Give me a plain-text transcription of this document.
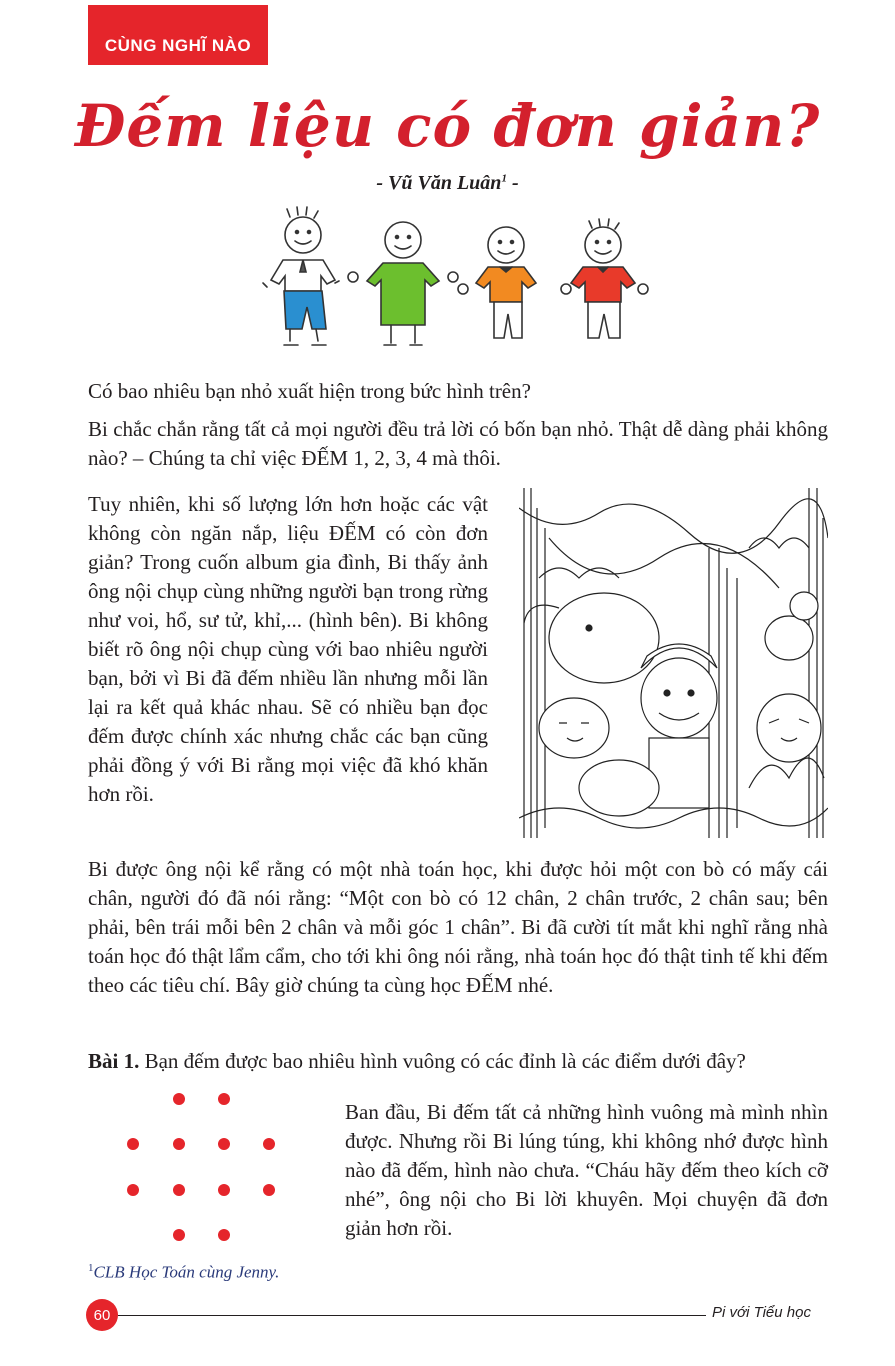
CÙNG NGHĨ NÀO
Đếm liệu có đơn giản?
- Vũ Văn Luân$^1$ -

Có bao nhiêu bạn nhỏ xuất hiện trong bức hình trên?

Bi chắc chắn rằng tất cả mọi người đều trả lời có bốn bạn nhỏ. Thật dễ dàng phải không nào? – Chúng ta chỉ việc ĐẾM 1, 2, 3, 4 mà thôi.

Tuy nhiên, khi số lượng lớn hơn hoặc các vật không còn ngăn nắp, liệu ĐẾM có còn đơn giản? Trong cuốn album gia đình, Bi thấy ảnh ông nội chụp cùng những người bạn trong rừng như voi, hổ, sư tử, khỉ,... (hình bên). Bi không biết rõ ông nội chụp cùng với bao nhiêu người bạn, bởi vì Bi đã đếm nhiều lần nhưng mỗi lần lại ra kết quả khác nhau. Sẽ có nhiều bạn đọc đếm được chính xác nhưng chắc các bạn cũng phải đồng ý với Bi rằng mọi việc đã khó khăn hơn rồi.

Bi được ông nội kể rằng có một nhà toán học, khi được hỏi một con bò có mấy cái chân, người đó đã nói rằng: “Một con bò có 12 chân, 2 chân trước, 2 chân sau; bên phải, bên trái mỗi bên 2 chân và mỗi góc 1 chân”. Bi đã cười tít mắt khi nghĩ rằng nhà toán học đó thật lẩm cẩm, cho tới khi ông nói rằng, nhà toán học đó thật tinh tế khi đếm theo các tiêu chí. Bây giờ chúng ta cùng học ĐẾM nhé.

Bài 1. Bạn đếm được bao nhiêu hình vuông có các đỉnh là các điểm dưới đây?

Ban đầu, Bi đếm tất cả những hình vuông mà mình nhìn được. Nhưng rồi Bi lúng túng, khi không nhớ được hình nào đã đếm, hình nào chưa. “Cháu hãy đếm theo kích cỡ nhé”, ông nội cho Bi lời khuyên. Mọi chuyện đã đơn giản hơn rồi.

$^1$CLB Học Toán cùng Jenny.
60	Pi với Tiểu học
